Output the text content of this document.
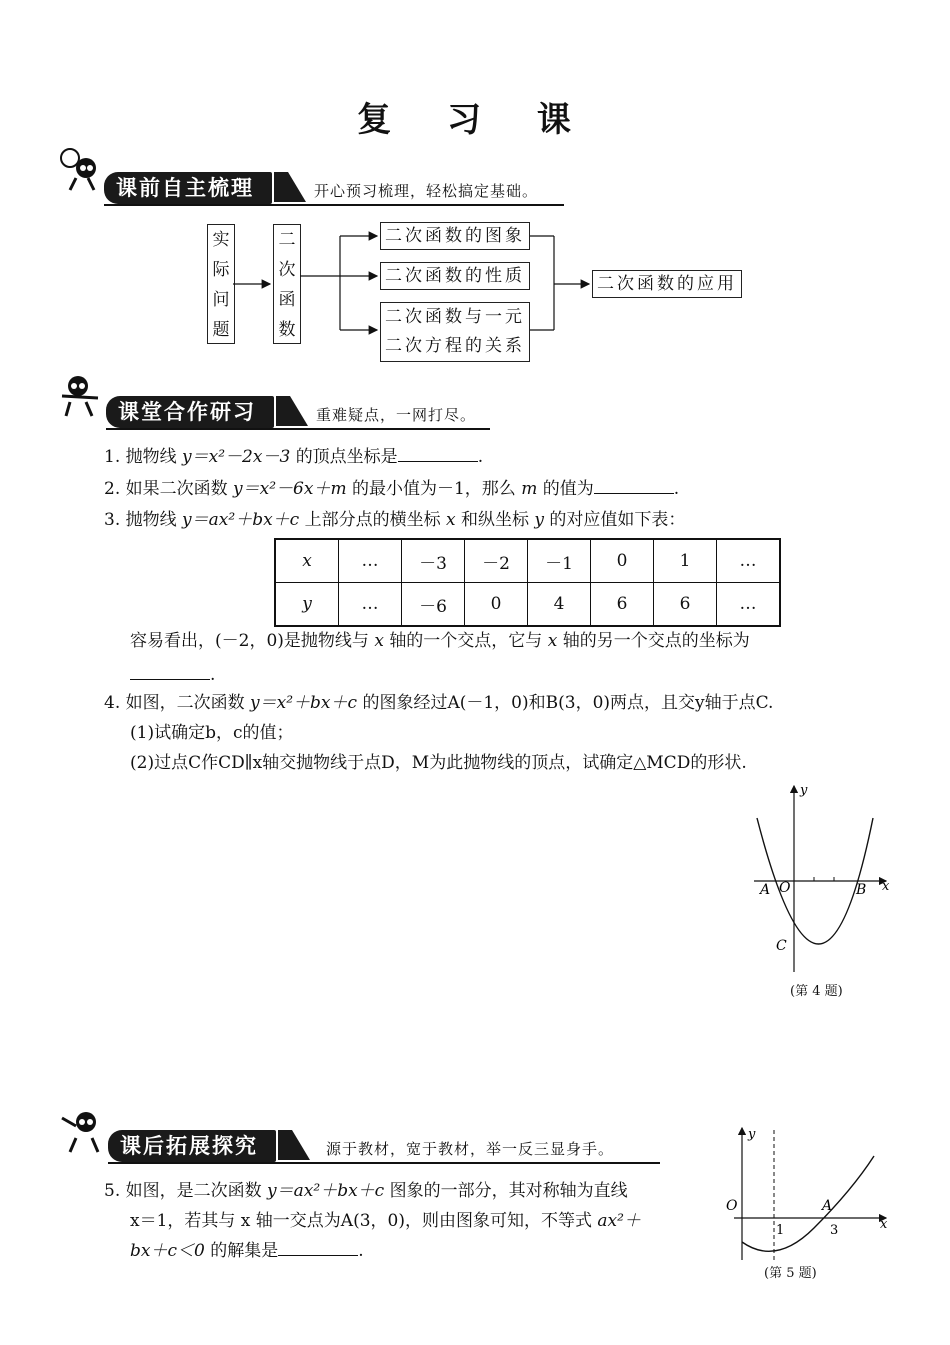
复 习 课
课前自主梳理	开心预习梳理，轻松搞定基础。
实
际
问
题
二
次
函
数
二次函数的图象
二次函数的性质
二次函数与一元
二次方程的关系
二次函数的应用
课堂合作研习	重难疑点，一网打尽。
1. 抛物线 y＝x²－2x－3 的顶点坐标是	.
2. 如果二次函数 y＝x²－6x＋m 的最小值为－1，那么 m 的值为	.
3. 抛物线 y＝ax²＋bx＋c 上部分点的横坐标 x 和纵坐标 y 的对应值如下表：
x	…	－3	－2	－1	0	1	…
y	…	－6	0	4	6	6	…
容易看出，(－2，0)是抛物线与 x 轴的一个交点，它与 x 轴的另一个交点的坐标为
.
4. 如图，二次函数 y＝x²＋bx＋c 的图象经过A(－1，0)和B(3，0)两点，且交y轴于点C.
(1)试确定b，c的值；
(2)过点C作CD∥x轴交抛物线于点D，M为此抛物线的顶点，试确定△MCD的形状.
y
x
A O	B
C
(第 4 题)
课后拓展探究	源于教材，宽于教材，举一反三显身手。
5. 如图，是二次函数 y＝ax²＋bx＋c 图象的一部分，其对称轴为直线
x＝1，若其与 x 轴一交点为A(3，0)，则由图象可知，不等式 ax²＋
bx＋c＜0 的解集是	.
y
x
O	A
1	3
(第 5 题)
